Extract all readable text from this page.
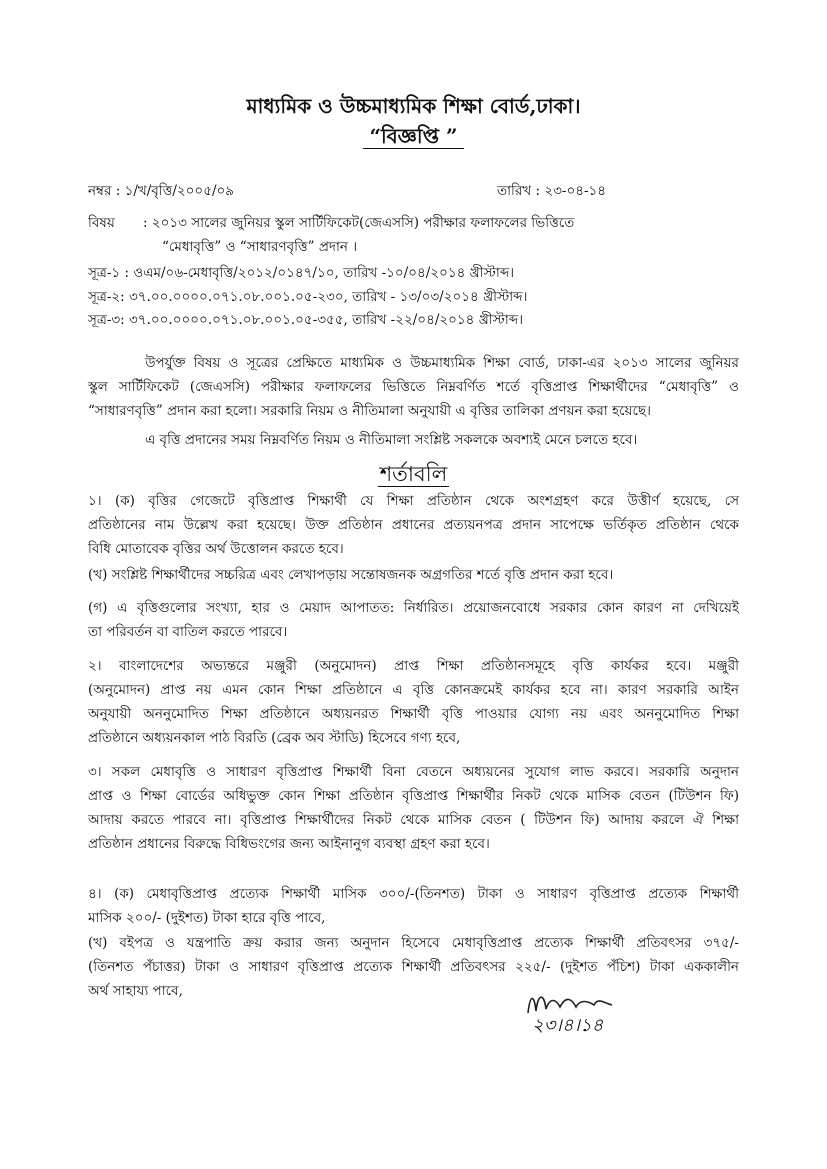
মাধ্যমিক ও উচ্চমাধ্যমিক শিক্ষা বোর্ড,ঢাকা।
“বিজ্ঞপ্তি ”
নম্বর : ১/খ/বৃত্তি/২০০৫/০৯	তারিখ : ২৩-০৪-১৪
বিষয় : ২০১৩ সালের জুনিয়র স্কুল সার্টিফিকেট(জেএসসি) পরীক্ষার ফলাফলের ভিত্তিতে
“মেধাবৃত্তি” ও “সাধারণবৃত্তি” প্রদান ।
সূত্র-১ : ওএম/০৬-মেধাবৃত্তি/২০১২/০১৪৭/১০, তারিখ -১০/০৪/২০১৪ খ্রীস্টাব্দ।
সূত্র-২: ৩৭.০০.০০০০.০৭১.০৮.০০১.০৫-২৩০, তারিখ - ১৩/০৩/২০১৪ খ্রীস্টাব্দ।
সূত্র-৩: ৩৭.০০.০০০০.০৭১.০৮.০০১.০৫-৩৫৫, তারিখ -২২/০৪/২০১৪ খ্রীস্টাব্দ।
উপর্যুক্ত বিষয় ও সূত্রের প্রেক্ষিতে মাধ্যমিক ও উচ্চমাধ্যমিক শিক্ষা বোর্ড, ঢাকা-এর ২০১৩ সালের জুনিয়র
স্কুল সার্টিফিকেট (জেএসসি) পরীক্ষার ফলাফলের ভিত্তিতে নিম্নবর্ণিত শর্তে বৃত্তিপ্রাপ্ত শিক্ষার্থীদের “মেধাবৃত্তি” ও
“সাধারণবৃত্তি” প্রদান করা হলো। সরকারি নিয়ম ও নীতিমালা অনুযায়ী এ বৃত্তির তালিকা প্রণয়ন করা হয়েছে।
এ বৃত্তি প্রদানের সময় নিম্নবর্ণিত নিয়ম ও নীতিমালা সংশ্লিষ্ট সকলকে অবশ্যই মেনে চলতে হবে।
শর্তাবলি
১। (ক) বৃত্তির গেজেটে বৃত্তিপ্রাপ্ত শিক্ষার্থী যে শিক্ষা প্রতিষ্ঠান থেকে অংশগ্রহণ করে উত্তীর্ণ হয়েছে, সে
প্রতিষ্ঠানের নাম উল্লেখ করা হয়েছে। উক্ত প্রতিষ্ঠান প্রধানের প্রত্যয়নপত্র প্রদান সাপেক্ষে ভর্তিকৃত প্রতিষ্ঠান থেকে
বিধি মোতাবেক বৃত্তির অর্থ উত্তোলন করতে হবে।
(খ) সংশ্লিষ্ট শিক্ষার্থীদের সচ্চরিত্র এবং লেখাপড়ায় সন্তোষজনক অগ্রগতির শর্তে বৃত্তি প্রদান করা হবে।
(গ) এ বৃত্তিগুলোর সংখ্যা, হার ও মেয়াদ আপাতত: নির্ধারিত। প্রয়োজনবোধে সরকার কোন কারণ না দেখিয়েই
তা পরিবর্তন বা বাতিল করতে পারবে।
২। বাংলাদেশের অভ্যন্তরে মঞ্জুরী (অনুমোদন) প্রাপ্ত শিক্ষা প্রতিষ্ঠানসমূহে বৃত্তি কার্যকর হবে। মঞ্জুরী
(অনুমোদন) প্রাপ্ত নয় এমন কোন শিক্ষা প্রতিষ্ঠানে এ বৃত্তি কোনক্রমেই কার্যকর হবে না। কারণ সরকারি আইন
অনুযায়ী অননুমোদিত শিক্ষা প্রতিষ্ঠানে অধ্যয়নরত শিক্ষার্থী বৃত্তি পাওয়ার যোগ্য নয় এবং অননুমোদিত শিক্ষা
প্রতিষ্ঠানে অধ্যয়নকাল পাঠ বিরতি (ব্রেক অব স্টাডি) হিসেবে গণ্য হবে,
৩। সকল মেধাবৃত্তি ও সাধারণ বৃত্তিপ্রাপ্ত শিক্ষার্থী বিনা বেতনে অধ্যয়নের সুযোগ লাভ করবে। সরকারি অনুদান
প্রাপ্ত ও শিক্ষা বোর্ডের অধিভুক্ত কোন শিক্ষা প্রতিষ্ঠান বৃত্তিপ্রাপ্ত শিক্ষার্থীর নিকট থেকে মাসিক বেতন (টিউশন ফি)
আদায় করতে পারবে না। বৃত্তিপ্রাপ্ত শিক্ষার্থীদের নিকট থেকে মাসিক বেতন ( টিউশন ফি) আদায় করলে ঐ শিক্ষা
প্রতিষ্ঠান প্রধানের বিরুদ্ধে বিধিভংগের জন্য আইনানুগ ব্যবস্থা গ্রহণ করা হবে।
৪। (ক) মেধাবৃত্তিপ্রাপ্ত প্রত্যেক শিক্ষার্থী মাসিক ৩০০/-(তিনশত) টাকা ও সাধারণ বৃত্তিপ্রাপ্ত প্রত্যেক শিক্ষার্থী
মাসিক ২০০/- (দুইশত) টাকা হারে বৃত্তি পাবে,
(খ) বইপত্র ও যন্ত্রপাতি ক্রয় করার জন্য অনুদান হিসেবে মেধাবৃত্তিপ্রাপ্ত প্রত্যেক শিক্ষার্থী প্রতিবৎসর ৩৭৫/-
(তিনশত পঁচাত্তর) টাকা ও সাধারণ বৃত্তিপ্রাপ্ত প্রত্যেক শিক্ষার্থী প্রতিবৎসর ২২৫/- (দুইশত পঁচিশ) টাকা এককালীন
অর্থ সাহায্য পাবে,
২৩।৪।১৪
